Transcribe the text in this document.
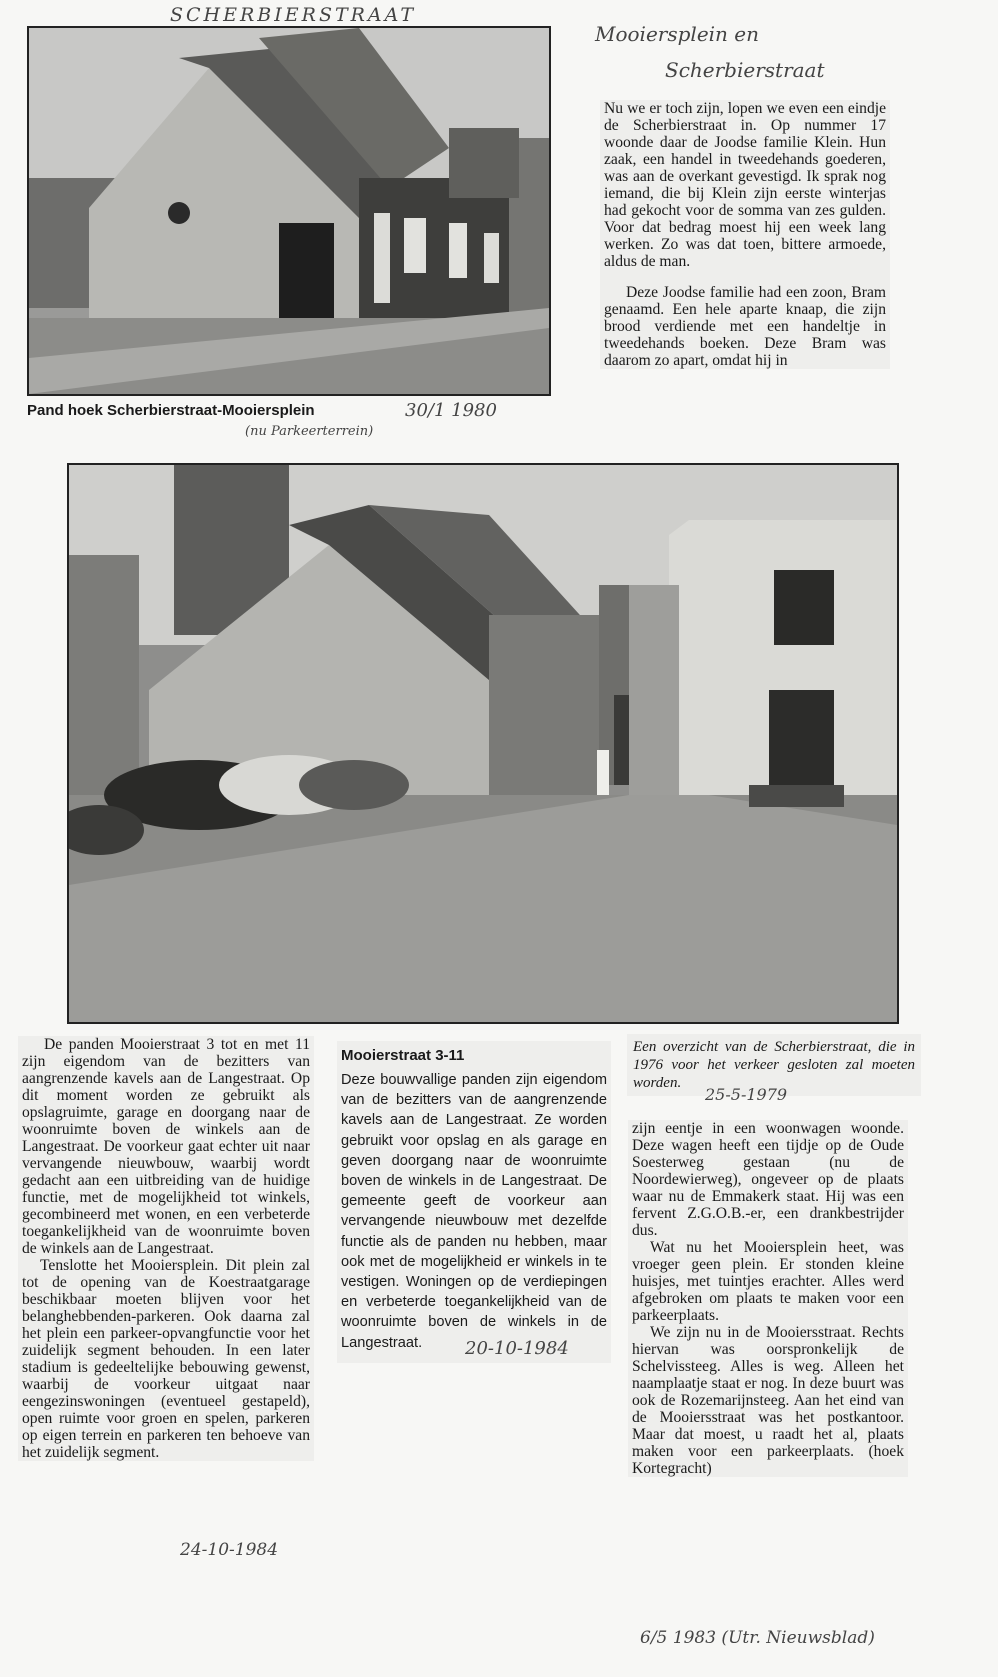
SCHERBIERSTRAAT
Pand hoek Scherbierstraat-Mooiersplein	30/1 1980
(nu Parkeerterrein)
Mooiersplein en
Scherbierstraat

Nu we er toch zijn, lopen we even een eindje de Scherbierstraat in. Op nummer 17 woonde daar de Joodse familie Klein. Hun zaak, een handel in tweedehands goederen, was aan de overkant gevestigd. Ik sprak nog iemand, die bij Klein zijn eerste winterjas had gekocht voor de somma van zes gulden. Voor dat bedrag moest hij een week lang werken. Zo was dat toen, bittere armoede, aldus de man.

Deze Joodse familie had een zoon, Bram genaamd. Een hele aparte knaap, die zijn brood verdiende met een handeltje in tweedehands boeken. Deze Bram was daarom zo apart, omdat hij in

De panden Mooierstraat 3 tot en met 11 zijn eigendom van de bezitters van aangrenzende kavels aan de Langestraat. Op dit moment worden ze gebruikt als opslagruimte, garage en doorgang naar de woonruimte boven de winkels aan de Langestraat. De voorkeur gaat echter uit naar vervangende nieuwbouw, waarbij wordt gedacht aan een uitbreiding van de huidige functie, met de mogelijkheid tot winkels, gecombineerd met wonen, en een verbeterde toegankelijkheid van de woonruimte boven de winkels aan de Langestraat.

Tenslotte het Mooiersplein. Dit plein zal tot de opening van de Koestraatgarage beschikbaar moeten blijven voor het belanghebbenden-parkeren. Ook daarna zal het plein een parkeer-opvangfunctie voor het zuidelijk segment behouden. In een later stadium is gedeeltelijke bebouwing gewenst, waarbij de voorkeur uitgaat naar eengezinswoningen (eventueel gestapeld), open ruimte voor groen en spelen, parkeren op eigen terrein en parkeren ten behoeve van het zuidelijk segment.

24-10-1984
Mooierstraat 3-11

Deze bouwvallige panden zijn eigendom van de bezitters van de aangrenzende kavels aan de Langestraat. Ze worden gebruikt voor opslag en als garage en geven doorgang naar de woonruimte boven de winkels in de Langestraat. De gemeente geeft de voorkeur aan vervangende nieuwbouw met dezelfde functie als de panden nu hebben, maar ook met de mogelijkheid er winkels in te vestigen. Woningen op de verdiepingen en verbeterde toegankelijkheid van de woonruimte boven de winkels in de Langestraat.	20-10-1984

Een overzicht van de Scherbierstraat, die in 1976 voor het verkeer gesloten zal moeten worden.

25-5-1979

zijn eentje in een woonwagen woonde. Deze wagen heeft een tijdje op de Oude Soesterweg gestaan (nu de Noordewierweg), ongeveer op de plaats waar nu de Emmakerk staat. Hij was een fervent Z.G.O.B.-er, een drankbestrijder dus.

Wat nu het Mooiersplein heet, was vroeger geen plein. Er stonden kleine huisjes, met tuintjes erachter. Alles werd afgebroken om plaats te maken voor een parkeerplaats.

We zijn nu in de Mooiersstraat. Rechts hiervan was oorspronkelijk de Schelvissteeg. Alles is weg. Alleen het naamplaatje staat er nog. In deze buurt was ook de Rozemarijnsteeg. Aan het eind van de Mooiersstraat was het postkantoor. Maar dat moest, u raadt het al, plaats maken voor een parkeerplaats. (hoek Kortegracht)

6/5 1983 (Utr. Nieuwsblad)
